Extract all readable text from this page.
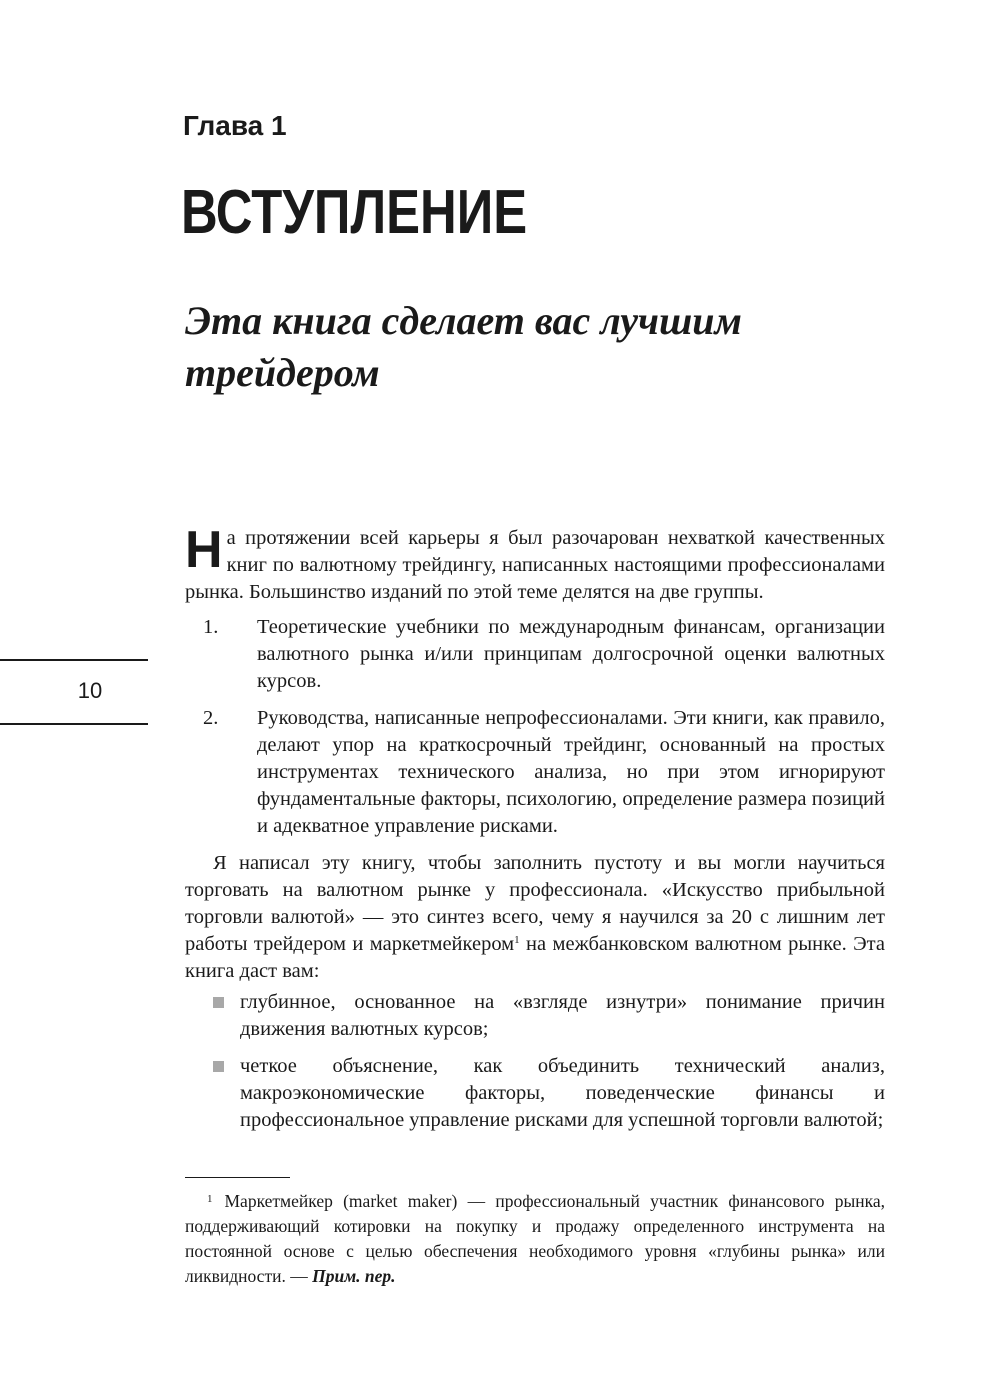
Глава 1
ВСТУПЛЕНИЕ
Эта книга сделает вас лучшим трейдером
10

На протяжении всей карьеры я был разочарован нехваткой качественных книг по валютному трейдингу, написанных настоящими профессионалами рынка. Большинство изданий по этой теме делятся на две группы.

1. Теоретические учебники по международным финансам, организации валютного рынка и/или принципам долгосрочной оценки валютных курсов.

2. Руководства, написанные непрофессионалами. Эти книги, как правило, делают упор на краткосрочный трейдинг, основанный на простых инструментах технического анализа, но при этом игнорируют фундаментальные факторы, психологию, определение размера позиций и адекватное управление рисками.

Я написал эту книгу, чтобы заполнить пустоту и вы могли научиться торговать на валютном рынке у профессионала. «Искусство прибыльной торговли валютой» — это синтез всего, чему я научился за 20 с лишним лет работы трейдером и маркетмейкером$^1$ на межбанковском валютном рынке. Эта книга даст вам:

глубинное, основанное на «взгляде изнутри» понимание причин движения валютных курсов;

четкое объяснение, как объединить технический анализ, макроэкономические факторы, поведенческие финансы и профессиональное управление рисками для успешной торговли валютой;

$^1$ Маркетмейкер (market maker) — профессиональный участник финансового рынка, поддерживающий котировки на покупку и продажу определенного инструмента на постоянной основе с целью обеспечения необходимого уровня «глубины рынка» или ликвидности. — Прим. пер.
